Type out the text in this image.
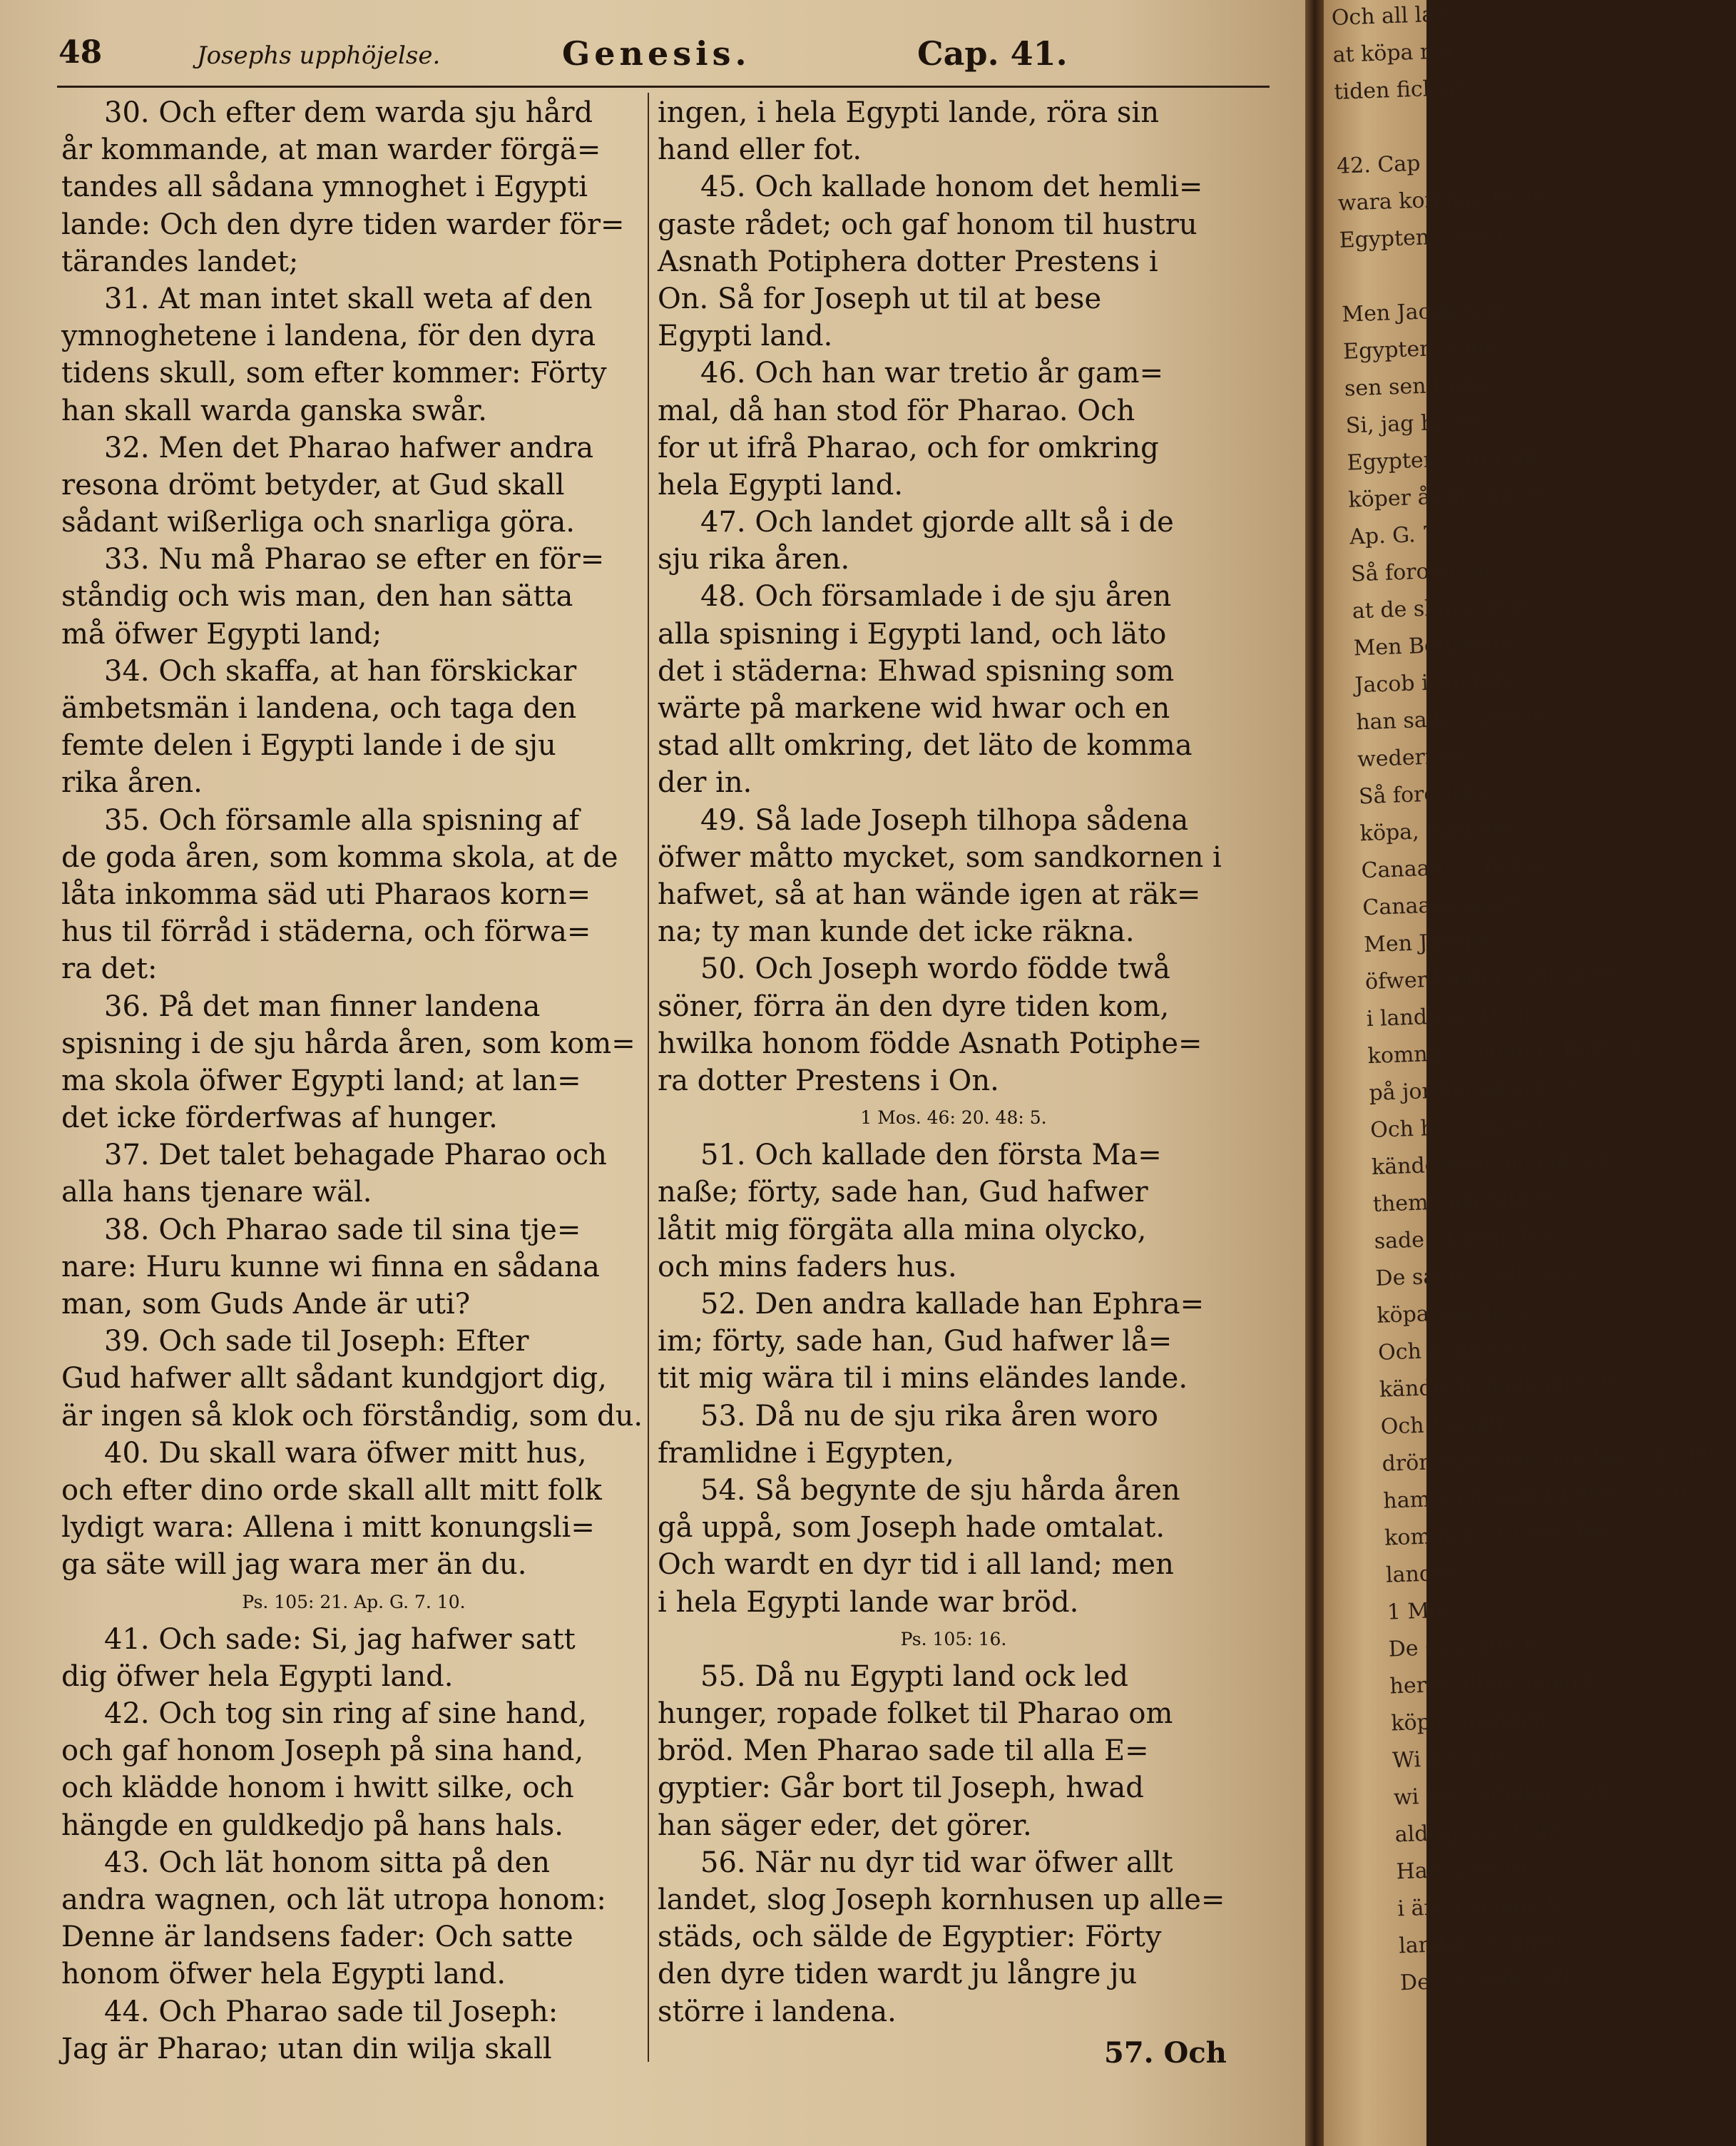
48	Josephs upphöjelse.	Genesis.	Cap. 41.
30. Och efter dem warda sju hård
år kommande, at man warder förgä=
tandes all sådana ymnoghet i Egypti
lande: Och den dyre tiden warder för=
tärandes landet;
31. At man intet skall weta af den
ymnoghetene i landena, för den dyra
tidens skull, som efter kommer: Förty
han skall warda ganska swår.
32. Men det Pharao hafwer andra
resona drömt betyder, at Gud skall
sådant wißerliga och snarliga göra.
33. Nu må Pharao se efter en för=
ståndig och wis man, den han sätta
må öfwer Egypti land;
34. Och skaffa, at han förskickar
ämbetsmän i landena, och taga den
femte delen i Egypti lande i de sju
rika åren.
35. Och församle alla spisning af
de goda åren, som komma skola, at de
låta inkomma säd uti Pharaos korn=
hus til förråd i städerna, och förwa=
ra det:
36. På det man finner landena
spisning i de sju hårda åren, som kom=
ma skola öfwer Egypti land; at lan=
det icke förderfwas af hunger.
37. Det talet behagade Pharao och
alla hans tjenare wäl.
38. Och Pharao sade til sina tje=
nare: Huru kunne wi finna en sådana
man, som Guds Ande är uti?
39. Och sade til Joseph: Efter
Gud hafwer allt sådant kundgjort dig,
är ingen så klok och förståndig, som du.
40. Du skall wara öfwer mitt hus,
och efter dino orde skall allt mitt folk
lydigt wara: Allena i mitt konungsli=
ga säte will jag wara mer än du.
Ps. 105: 21. Ap. G. 7. 10.
41. Och sade: Si, jag hafwer satt
dig öfwer hela Egypti land.
42. Och tog sin ring af sine hand,
och gaf honom Joseph på sina hand,
och klädde honom i hwitt silke, och
hängde en guldkedjo på hans hals.
43. Och lät honom sitta på den
andra wagnen, och lät utropa honom:
Denne är landsens fader: Och satte
honom öfwer hela Egypti land.
44. Och Pharao sade til Joseph:
Jag är Pharao; utan din wilja skall
ingen, i hela Egypti lande, röra sin
hand eller fot.
45. Och kallade honom det hemli=
gaste rådet; och gaf honom til hustru
Asnath Potiphera dotter Prestens i
On. Så for Joseph ut til at bese
Egypti land.
46. Och han war tretio år gam=
mal, då han stod för Pharao. Och
for ut ifrå Pharao, och for omkring
hela Egypti land.
47. Och landet gjorde allt så i de
sju rika åren.
48. Och församlade i de sju åren
alla spisning i Egypti land, och läto
det i städerna: Ehwad spisning som
wärte på markene wid hwar och en
stad allt omkring, det läto de komma
der in.
49. Så lade Joseph tilhopa sådena
öfwer måtto mycket, som sandkornen i
hafwet, så at han wände igen at räk=
na; ty man kunde det icke räkna.
50. Och Joseph wordo födde twå
söner, förra än den dyre tiden kom,
hwilka honom födde Asnath Potiphe=
ra dotter Prestens i On.
1 Mos. 46: 20. 48: 5.
51. Och kallade den första Ma=
naße; förty, sade han, Gud hafwer
låtit mig förgäta alla mina olycko,
och mins faders hus.
52. Den andra kallade han Ephra=
im; förty, sade han, Gud hafwer lå=
tit mig wära til i mins eländes lande.
53. Då nu de sju rika åren woro
framlidne i Egypten,
54. Så begynte de sju hårda åren
gå uppå, som Joseph hade omtalat.
Och wardt en dyr tid i all land; men
i hela Egypti lande war bröd.
Ps. 105: 16.
55. Då nu Egypti land ock led
hunger, ropade folket til Pharao om
bröd. Men Pharao sade til alla E=
gyptier: Går bort til Joseph, hwad
han säger eder, det görer.
56. När nu dyr tid war öfwer allt
landet, slog Joseph kornhusen up alle=
städs, och sälde de Egyptier: Förty
den dyre tiden wardt ju långre ju
större i landena.
57. Och
Och all land
at köpa när
tiden fick öf
42. Cap
wara komma, beför
Egypten, resa ei
Men Jacob såg
Egypten, sade
sen sen I icke
Si, jag hörer,
Egypten, farer dö
köper åt mi må lef
Ap. G. 7
Så foro då tic
at de skulle köpa
Men BenJamin
Jacob icke fara
han sade: Honom
wederfara.
Så foro Israe
köpa, med and
Canaan; ty det w
Canaans lande.
Men Joseph
öfwer landet, och sälde
i landena. Då nu
komna til honom, föllo de
på jorden på sitt an
Och han såg sin
kände dem, och läts m
them, och talade
sade til dem: Hw
De sade: Utaf Can
köpa spisning.
Och ändå han
kände de dock intet h
Och Joseph
drömmar, som han hade drömt
ham, och sade til dem: I ären
kommen at bese, hw
landet.
1 Mos.
De swarade h
herre, dine tjenare
köpa spisning.
Wi äre alle
wi äre redelige, och
aldrig warit spe
Han sade til
i ären komne til
landet är öppet.
De swarade: Wi
